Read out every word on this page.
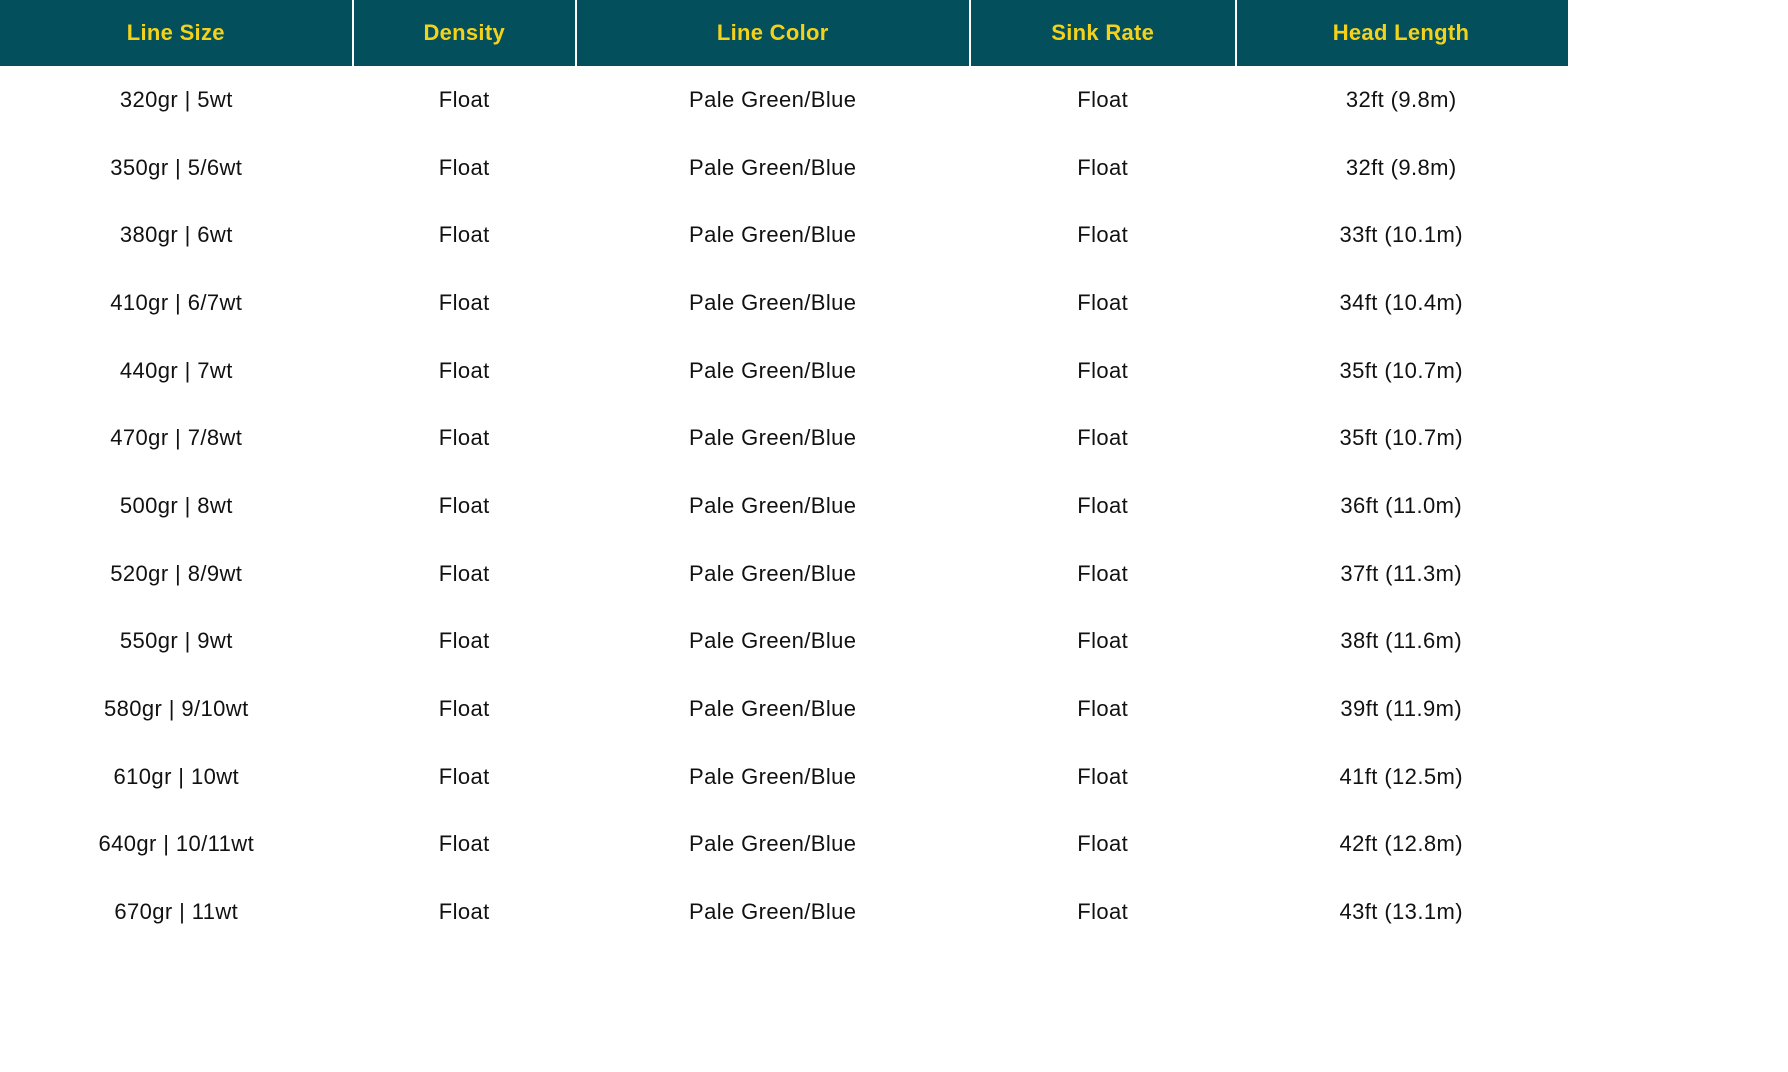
Line Size	Density	Line Color	Sink Rate	Head Length
320gr | 5wt	Float	Pale Green/Blue	Float	32ft (9.8m)
350gr | 5/6wt	Float	Pale Green/Blue	Float	32ft (9.8m)
380gr | 6wt	Float	Pale Green/Blue	Float	33ft (10.1m)
410gr | 6/7wt	Float	Pale Green/Blue	Float	34ft (10.4m)
440gr | 7wt	Float	Pale Green/Blue	Float	35ft (10.7m)
470gr | 7/8wt	Float	Pale Green/Blue	Float	35ft (10.7m)
500gr | 8wt	Float	Pale Green/Blue	Float	36ft (11.0m)
520gr | 8/9wt	Float	Pale Green/Blue	Float	37ft (11.3m)
550gr | 9wt	Float	Pale Green/Blue	Float	38ft (11.6m)
580gr | 9/10wt	Float	Pale Green/Blue	Float	39ft (11.9m)
610gr | 10wt	Float	Pale Green/Blue	Float	41ft (12.5m)
640gr | 10/11wt	Float	Pale Green/Blue	Float	42ft (12.8m)
670gr | 11wt	Float	Pale Green/Blue	Float	43ft (13.1m)
